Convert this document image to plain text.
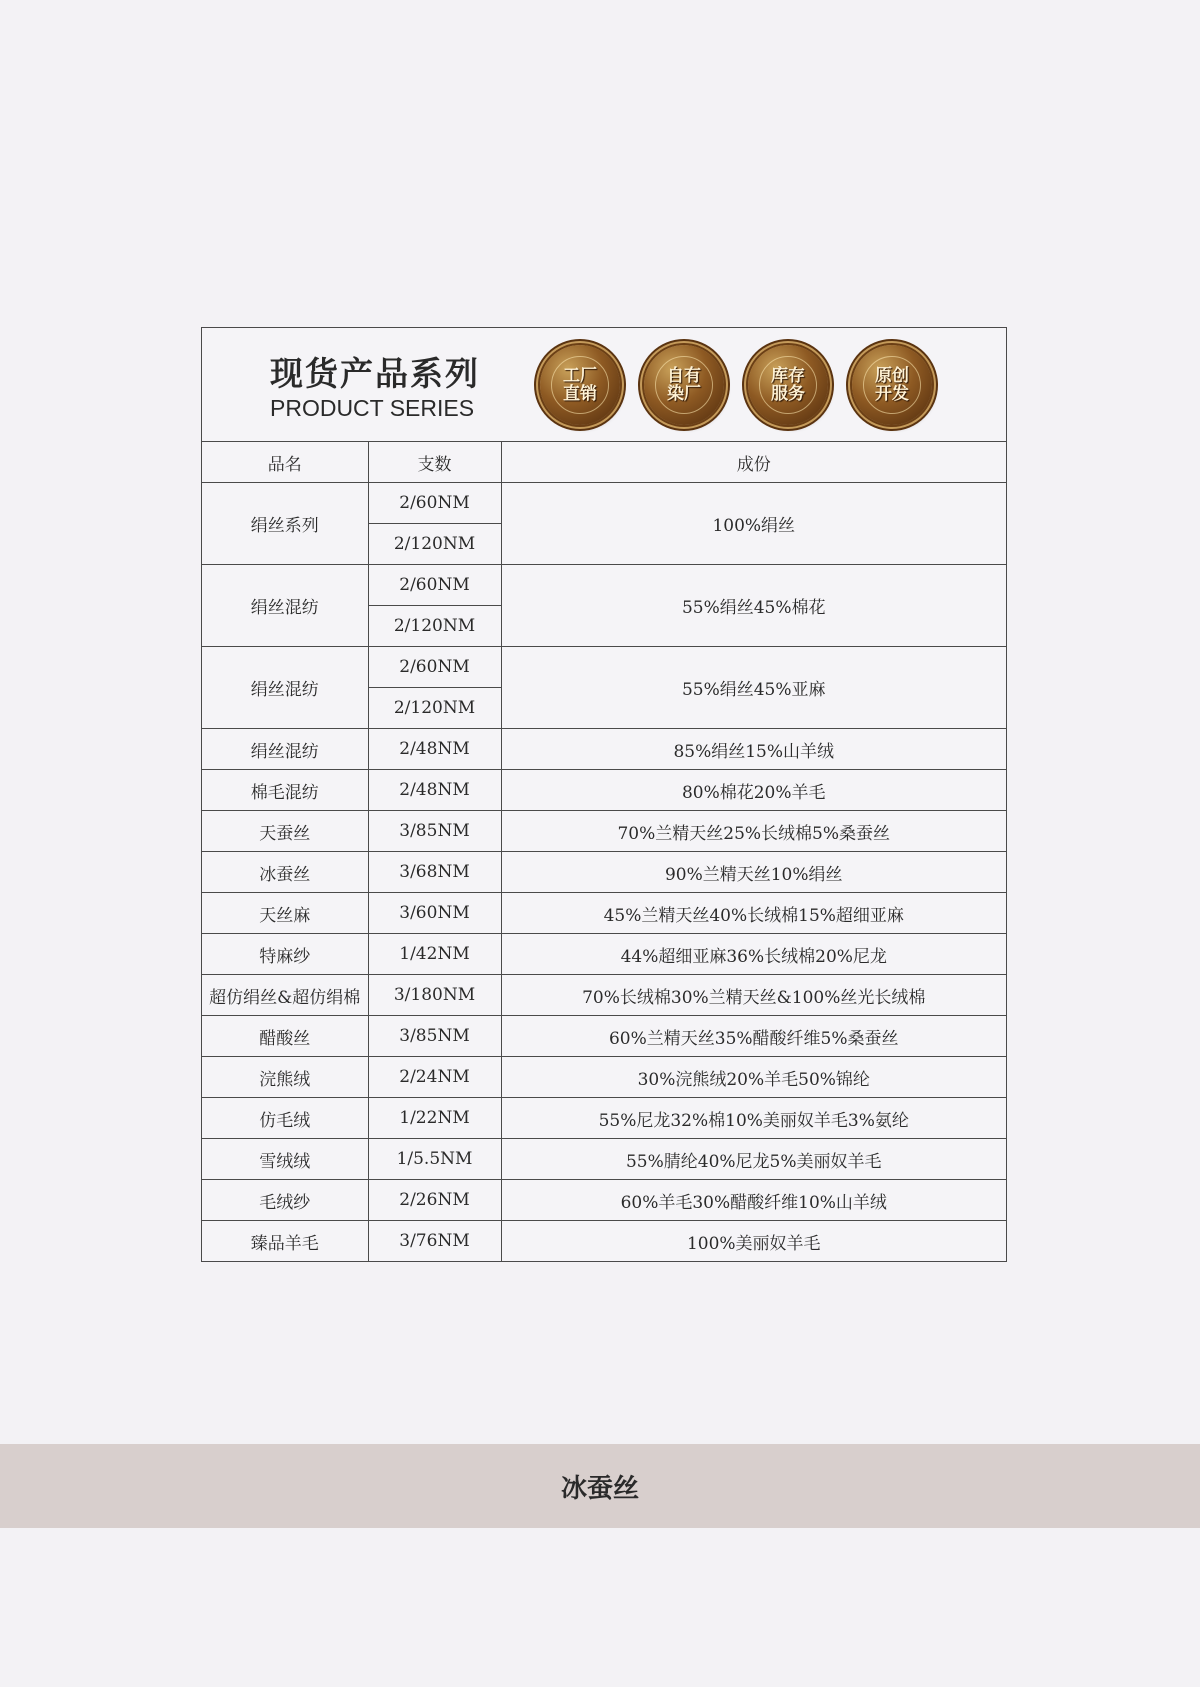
现货产品系列
PRODUCT SERIES
工厂
直销
自有
染厂
库存
服务
原创
开发
品名	支数	成份
绢丝系列	2/60NM	100%绢丝
	2/120NM	
绢丝混纺	2/60NM	55%绢丝45%棉花
	2/120NM	
绢丝混纺	2/60NM	55%绢丝45%亚麻
	2/120NM	
绢丝混纺	2/48NM	85%绢丝15%山羊绒
棉毛混纺	2/48NM	80%棉花20%羊毛
天蚕丝	3/85NM	70%兰精天丝25%长绒棉5%桑蚕丝
冰蚕丝	3/68NM	90%兰精天丝10%绢丝
天丝麻	3/60NM	45%兰精天丝40%长绒棉15%超细亚麻
特麻纱	1/42NM	44%超细亚麻36%长绒棉20%尼龙
超仿绢丝&超仿绢棉	3/180NM	70%长绒棉30%兰精天丝&100%丝光长绒棉
醋酸丝	3/85NM	60%兰精天丝35%醋酸纤维5%桑蚕丝
浣熊绒	2/24NM	30%浣熊绒20%羊毛50%锦纶
仿毛绒	1/22NM	55%尼龙32%棉10%美丽奴羊毛3%氨纶
雪绒绒	1/5.5NM	55%腈纶40%尼龙5%美丽奴羊毛
毛绒纱	2/26NM	60%羊毛30%醋酸纤维10%山羊绒
臻品羊毛	3/76NM	100%美丽奴羊毛
冰蚕丝
